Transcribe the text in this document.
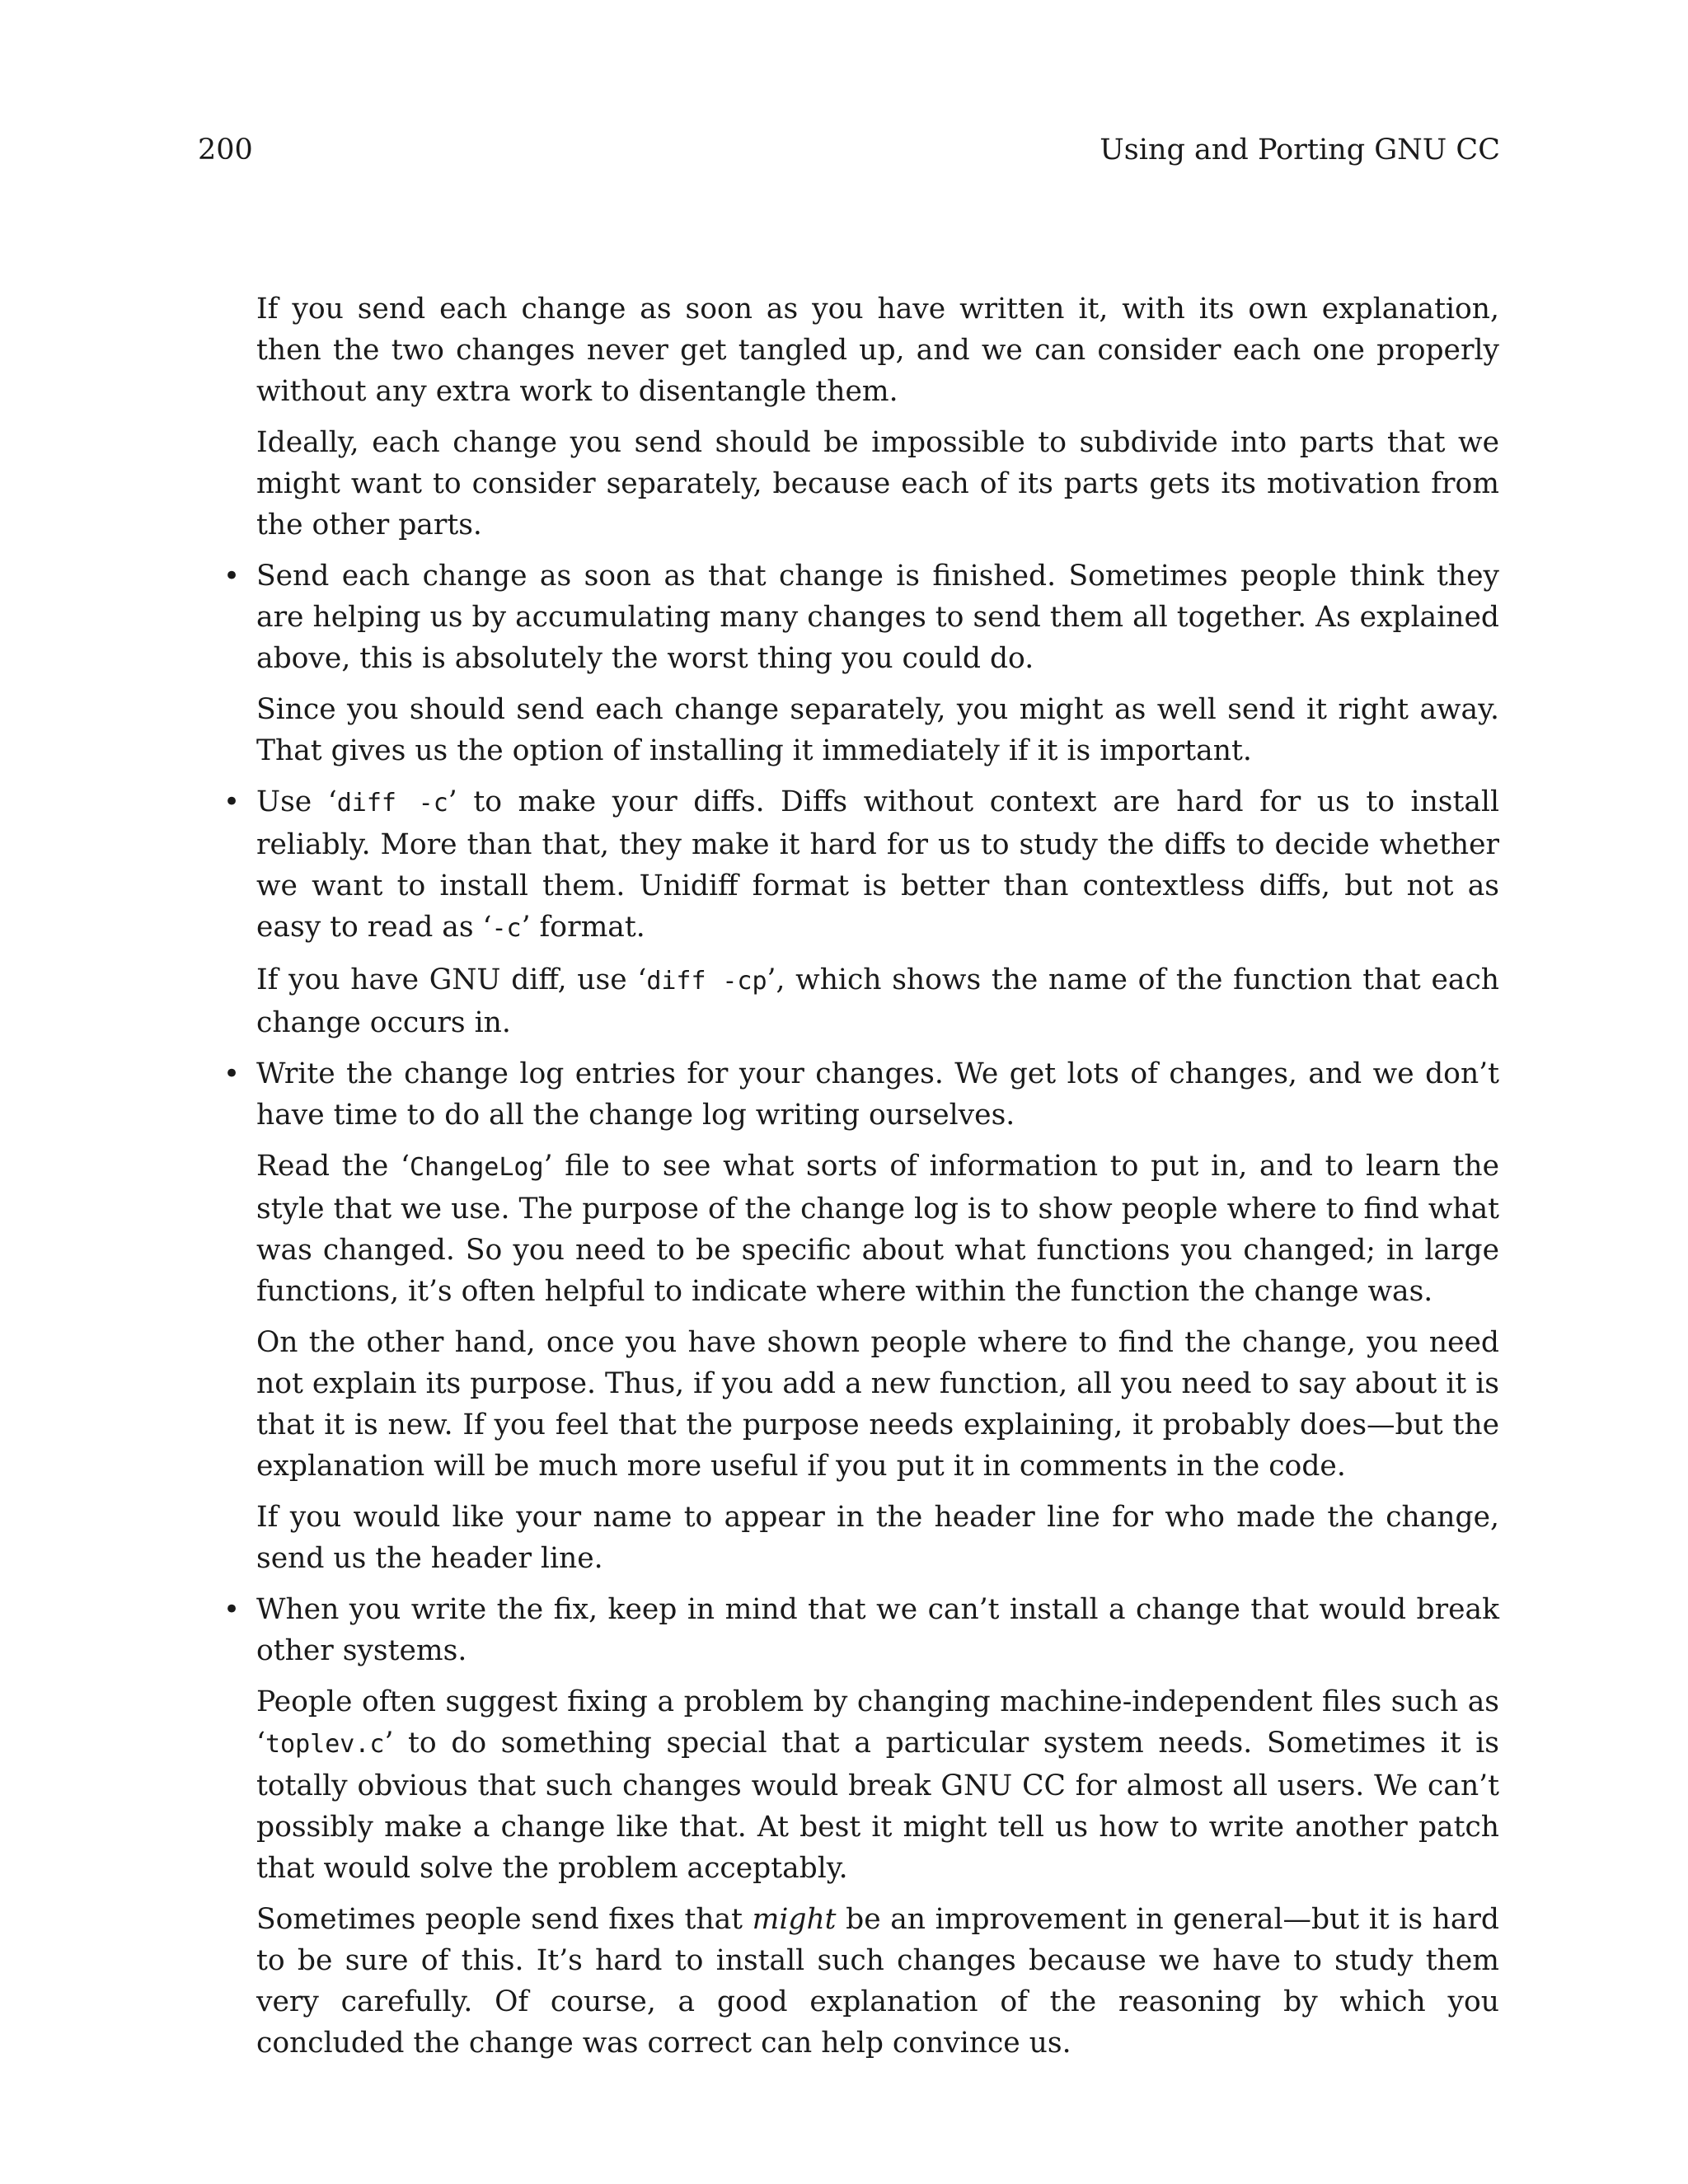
200	Using and Porting GNU CC

If you send each change as soon as you have written it, with its own explanation, then the two changes never get tangled up, and we can consider each one properly without any extra work to disentangle them.

Ideally, each change you send should be impossible to subdivide into parts that we might want to consider separately, because each of its parts gets its motivation from the other parts.

• Send each change as soon as that change is finished. Sometimes people think they are helping us by accumulating many changes to send them all together. As explained above, this is absolutely the worst thing you could do.

Since you should send each change separately, you might as well send it right away. That gives us the option of installing it immediately if it is important.

• Use ‘diff -c’ to make your diffs. Diffs without context are hard for us to install reliably. More than that, they make it hard for us to study the diffs to decide whether we want to install them. Unidiff format is better than contextless diffs, but not as easy to read as ‘-c’ format.

If you have GNU diff, use ‘diff -cp’, which shows the name of the function that each change occurs in.

• Write the change log entries for your changes. We get lots of changes, and we don’t have time to do all the change log writing ourselves.

Read the ‘ChangeLog’ file to see what sorts of information to put in, and to learn the style that we use. The purpose of the change log is to show people where to find what was changed. So you need to be specific about what functions you changed; in large functions, it’s often helpful to indicate where within the function the change was.

On the other hand, once you have shown people where to find the change, you need not explain its purpose. Thus, if you add a new function, all you need to say about it is that it is new. If you feel that the purpose needs explaining, it probably does—but the explanation will be much more useful if you put it in comments in the code.

If you would like your name to appear in the header line for who made the change, send us the header line.

• When you write the fix, keep in mind that we can’t install a change that would break other systems.

People often suggest fixing a problem by changing machine-independent files such as ‘toplev.c’ to do something special that a particular system needs. Sometimes it is totally obvious that such changes would break GNU CC for almost all users. We can’t possibly make a change like that. At best it might tell us how to write another patch that would solve the problem acceptably.

Sometimes people send fixes that might be an improvement in general—but it is hard to be sure of this. It’s hard to install such changes because we have to study them very carefully. Of course, a good explanation of the reasoning by which you concluded the change was correct can help convince us.
